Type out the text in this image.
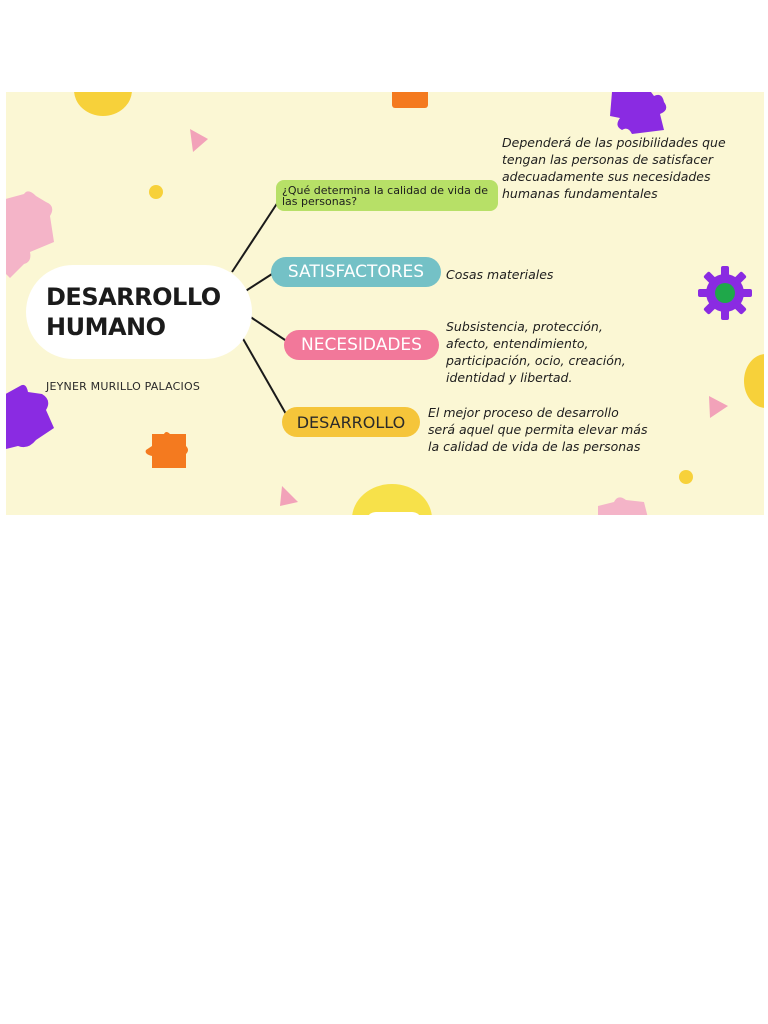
DESARROLLO
HUMANO
JEYNER MURILLO PALACIOS
¿Qué determina la calidad de vida de las personas?
SATISFACTORES
NECESIDADES
DESARROLLO
Dependerá de las posibilidades que tengan las personas de satisfacer adecuadamente sus necesidades humanas fundamentales
Cosas materiales
Subsistencia, protección, afecto, entendimiento, participación, ocio, creación, identidad y libertad.
El mejor proceso de desarrollo será aquel que permita elevar más la calidad de vida de las personas
